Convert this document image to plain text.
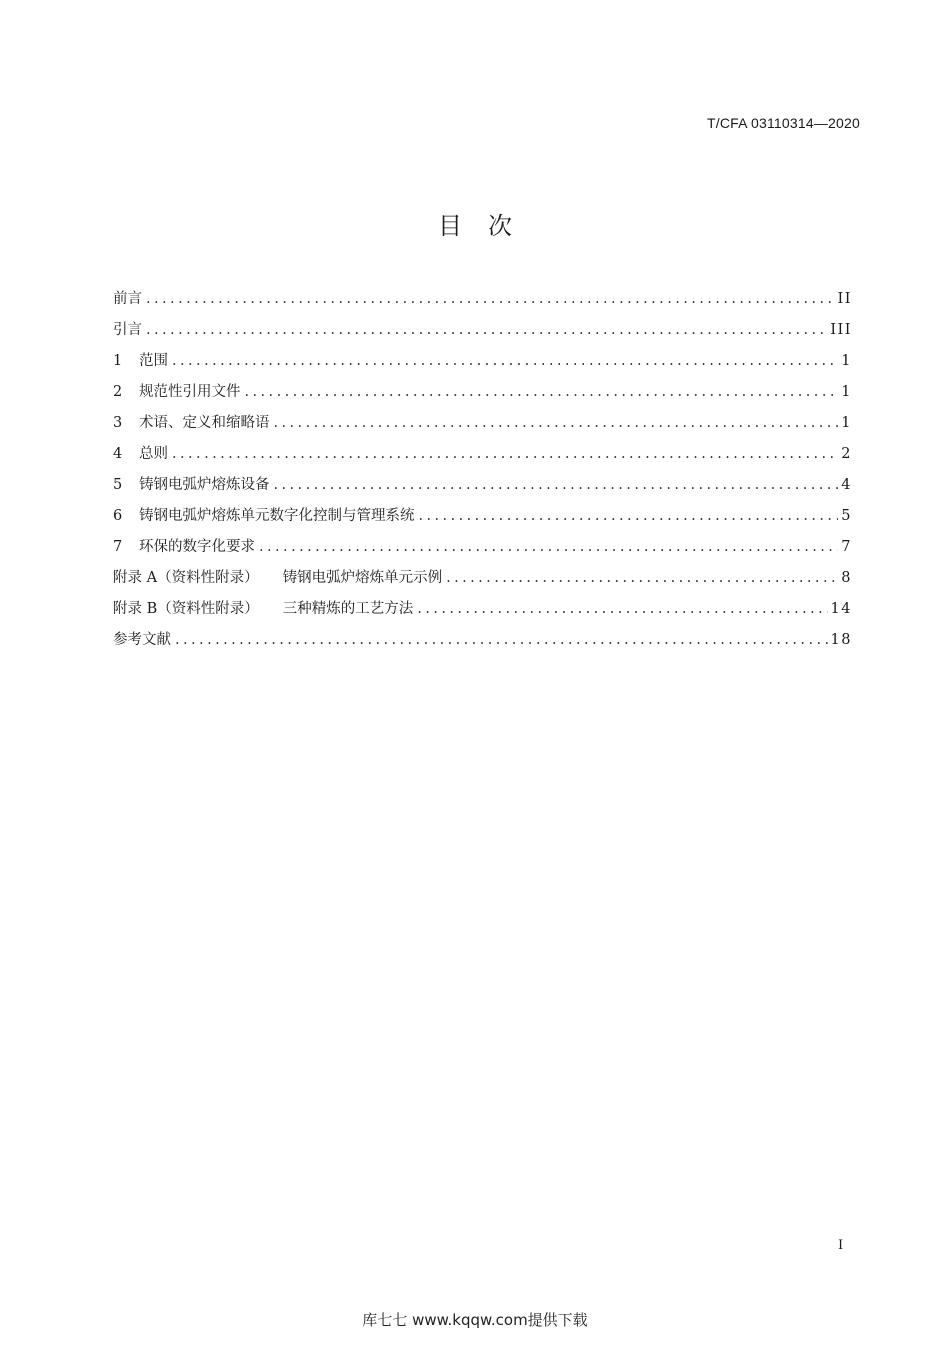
T/CFA 03110314—2020
目次
前言 . . .	II
引言 . . .	III
1	范围 . . .	1
2	规范性引用文件 . . .	1
3	术语、定义和缩略语 . . .	1
4	总则 . . .	2
5	铸钢电弧炉熔炼设备 . . .	4
6	铸钢电弧炉熔炼单元数字化控制与管理系统 . . .	5
7	环保的数字化要求 . . .	7
附录 A（资料性附录） 铸钢电弧炉熔炼单元示例 . . .	8
附录 B（资料性附录） 三种精炼的工艺方法 . . .	14
参考文献 . . .	18
I
库七七 www.kqqw.com提供下载
